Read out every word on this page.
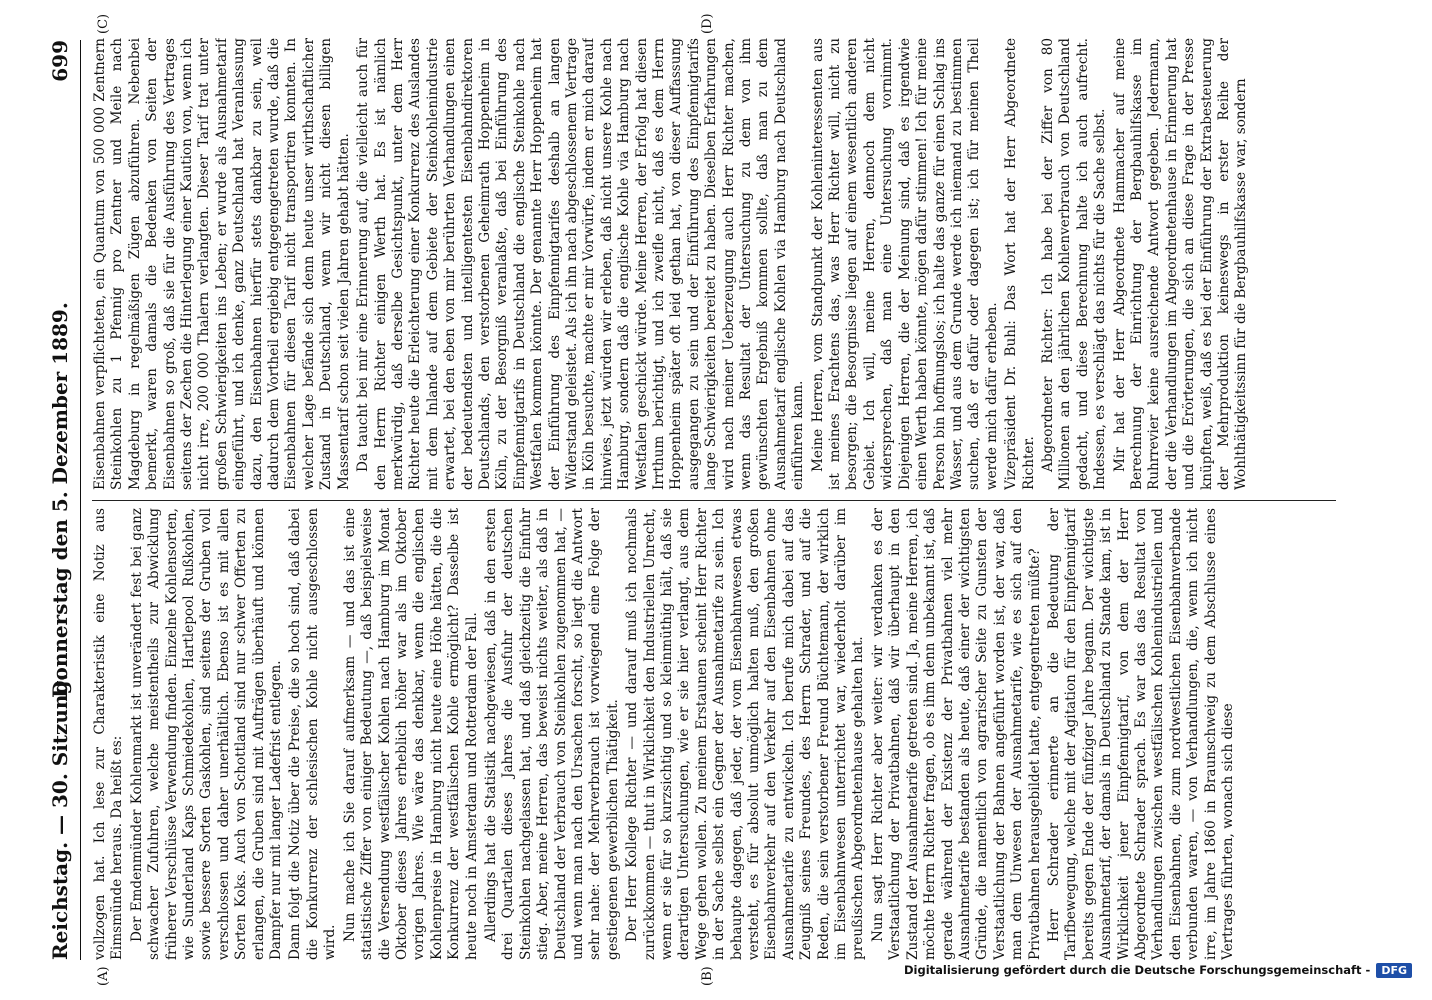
Reichstag. — 30. Sitzung.
Donnerstag den 5. Dezember 1889.
699
(A)	(B)
(C)	(D)

vollzogen hat. Ich lese zur Charakteristik eine Notiz aus Eimsmünde heraus. Da heißt es: Der Emdenmünder Kohlenmarkt ist unverändert fest bei ganz schwacher Zufuhren, welche meistentheils zur Abwicklung früherer Verschlüsse Verwendung finden. Einzelne Kohlensorten, wie Sunderland Kaps Schmiedekohlen, Hartlepool Rußkohlen, sowie bessere Sorten Gaskohlen, sind seitens der Gruben voll verschlossen und daher unerhältlich. Ebenso ist es mit allen Sorten Koks. Auch von Schottland sind nur schwer Offerten zu erlangen, die Gruben sind mit Aufträgen überhäuft und können Dampfer nur mit langer Ladefrist entlegen. Dann folgt die Notiz über die Preise, die so hoch sind, daß dabei die Konkurrenz der schlesischen Kohle nicht ausgeschlossen wird.

Nun mache ich Sie darauf aufmerksam — und das ist eine statistische Ziffer von einiger Bedeutung —, daß beispielsweise die Versendung westfälischer Kohlen nach Hamburg im Monat Oktober dieses Jahres erheblich höher war als im Oktober vorigen Jahres. Wie wäre das denkbar, wenn die englischen Kohlenpreise in Hamburg nicht heute eine Höhe hätten, die die Konkurrenz der westfälischen Kohle ermöglicht? Dasselbe ist heute noch in Amsterdam und Rotterdam der Fall. Allerdings hat die Statistik nachgewiesen, daß in den ersten drei Quartalen dieses Jahres die Ausfuhr der deutschen Steinkohlen nachgelassen hat, und daß gleichzeitig die Einfuhr stieg. Aber, meine Herren, das beweist nichts weiter, als daß in Deutschland der Verbrauch von Steinkohlen zugenommen hat, — und wenn man nach den Ursachen forscht, so liegt die Antwort sehr nahe: der Mehrverbrauch ist vorwiegend eine Folge der gestiegenen gewerblichen Thätigkeit. Der Herr Kollege Richter — und darauf muß ich nochmals zurückkommen — thut in Wirklichkeit den Industriellen Unrecht, wenn er sie für so kurzsichtig und so kleinmüthig hält, daß sie derartigen Untersuchungen, wie er sie hier verlangt, aus dem Wege gehen wollen. Zu meinem Erstaunen scheint Herr Richter in der Sache selbst ein Gegner der Ausnahmetarife zu sein. Ich behaupte dagegen, daß jeder, der vom Eisenbahnwesen etwas versteht, es für absolut unmöglich halten muß, den großen Eisenbahnverkehr auf den Verkehr auf den Eisenbahnen ohne Ausnahmetarife zu entwickeln. Ich berufe mich dabei auf das Zeugniß seines Freundes, des Herrn Schrader, und auf die Reden, die sein verstorbener Freund Büchtemann, der wirklich im Eisenbahnwesen unterrichtet war, wiederholt darüber im preußischen Abgeordnetenhause gehalten hat. Nun sagt Herr Richter aber weiter: wir verdanken es der Verstaatlichung der Privatbahnen, daß wir überhaupt in den Zustand der Ausnahmetarife getreten sind. Ja, meine Herren, ich möchte Herrn Richter fragen, ob es ihm denn unbekannt ist, daß gerade während der Existenz der Privatbahnen viel mehr Ausnahmetarife bestanden als heute, daß einer der wichtigsten Gründe, die namentlich von agrarischer Seite zu Gunsten der Verstaatlichung der Bahnen angeführt worden ist, der war, daß man dem Unwesen der Ausnahmetarife, wie es sich auf den Privatbahnen herausgebildet hatte, entgegentreten müßte? Herr Schrader erinnerte an die Bedeutung der Tarifbewegung, welche mit der Agitation für den Einpfennigtarif bereits gegen Ende der fünfziger Jahre begann. Der wichtigste Ausnahmetarif, der damals in Deutschland zu Stande kam, ist in Wirklichkeit jener Einpfennigtarif, von dem der Herr Abgeordnete Schrader sprach. Es war das das Resultat von Verhandlungen zwischen westfälischen Kohlenindustriellen und den Eisenbahnen, die zum nordwestlichen Eisenbahnverbande verbunden waren, — von Verhandlungen, die, wenn ich nicht irre, im Jahre 1860 in Braunschweig zu dem Abschlusse eines Vertrages führten, wonach sich diese

Eisenbahnen verpflichteten, ein Quantum von 500 000 Zentnern Steinkohlen zu 1 Pfennig pro Zentner und Meile nach Magdeburg in regelmäßigen Zügen abzuführen. Nebenbei bemerkt, waren damals die Bedenken von Seiten der Eisenbahnen so groß, daß sie für die Ausführung des Vertrages seitens der Zechen die Hinterlegung einer Kaution von, wenn ich nicht irre, 200 000 Thalern verlangten. Dieser Tarif trat unter großen Schwierigkeiten ins Leben; er wurde als Ausnahmetarif eingeführt, und ich denke, ganz Deutschland hat Veranlassung dazu, den Eisenbahnen hierfür stets dankbar zu sein, weil dadurch dem Vortheil ergiebig entgegengetreten wurde, daß die Eisenbahnen für diesen Tarif nicht transportiren konnten. In welcher Lage befände sich denn heute unser wirthschaftlicher Zustand in Deutschland, wenn wir nicht diesen billigen Massentarif schon seit vielen Jahren gehabt hätten. Da taucht bei mir eine Erinnerung auf, die vielleicht auch für den Herrn Richter einigen Werth hat. Es ist nämlich merkwürdig, daß derselbe Gesichtspunkt, unter dem Herr Richter heute die Erleichterung einer Konkurrenz des Auslandes mit dem Inlande auf dem Gebiete der Steinkohlenindustrie erwartet, bei den eben von mir berührten Verhandlungen einen der bedeutendsten und intelligentesten Eisenbahndirektoren Deutschlands, den verstorbenen Geheimrath Hoppenheim in Köln, zu der Besorgniß veranlaßte, daß bei Einführung des Einpfennigtarifs in Deutschland die englische Steinkohle nach Westfalen kommen könnte. Der genannte Herr Hoppenheim hat der Einführung des Einpfennigtarifes deshalb an langen Widerstand geleistet. Als ich ihn nach abgeschlossenem Vertrage in Köln besuchte, machte er mir Vorwürfe, indem er mich darauf hinwies, jetzt würden wir erleben, daß nicht unsere Kohle nach Hamburg, sondern daß die englische Kohle via Hamburg nach Westfalen geschickt würde. Meine Herren, der Erfolg hat diesen Irrthum berichtigt, und ich zweifle nicht, daß es dem Herrn Hoppenheim später oft leid gethan hat, von dieser Auffassung ausgegangen zu sein und der Einführung des Einpfennigtarifs lange Schwierigkeiten bereitet zu haben. Dieselben Erfahrungen wird nach meiner Ueberzeugung auch Herr Richter machen, wenn das Resultat der Untersuchung zu dem von ihm gewünschten Ergebniß kommen sollte, daß man zu dem Ausnahmetarif englische Kohlen via Hamburg nach Deutschland einführen kann. Meine Herren, vom Standpunkt der Kohleninteressenten aus ist meines Erachtens das, was Herr Richter will, nicht zu besorgen; die Besorgnisse liegen auf einem wesentlich anderen Gebiet. Ich will, meine Herren, dennoch dem nicht widersprechen, daß man eine Untersuchung vornimmt. Diejenigen Herren, die der Meinung sind, daß es irgendwie einen Werth haben könnte, mögen dafür stimmen! Ich für meine Person bin hoffnungslos; ich halte das ganze für einen Schlag ins Wasser, und aus dem Grunde werde ich niemand zu bestimmen suchen, daß er dafür oder dagegen ist; ich für meinen Theil werde mich dafür erheben. Vizepräsident Dr. Buhl: Das Wort hat der Herr Abgeordnete Richter. Abgeordneter Richter: Ich habe bei der Ziffer von 80 Millionen an den jährlichen Kohlenverbrauch von Deutschland gedacht, und diese Berechnung halte ich auch aufrecht. Indessen, es verschlägt das nichts für die Sache selbst. Mir hat der Herr Abgeordnete Hammacher auf meine Berechnung der Einrichtung der Bergbauhilfskasse im Ruhrrevier keine ausreichende Antwort gegeben. Jedermann, der die Verhandlungen im Abgeordnetenhause in Erinnerung hat und die Erörterungen, die sich an diese Frage in der Presse knüpften, weiß, daß es bei der Einführung der Extrabesteuerung der Mehrproduktion keineswegs in erster Reihe der Wohlthätigkeitssinn für die Bergbauhilfskasse war, sondern

Digitalisierung gefördert durch die Deutsche Forschungsgemeinschaft - DFG
